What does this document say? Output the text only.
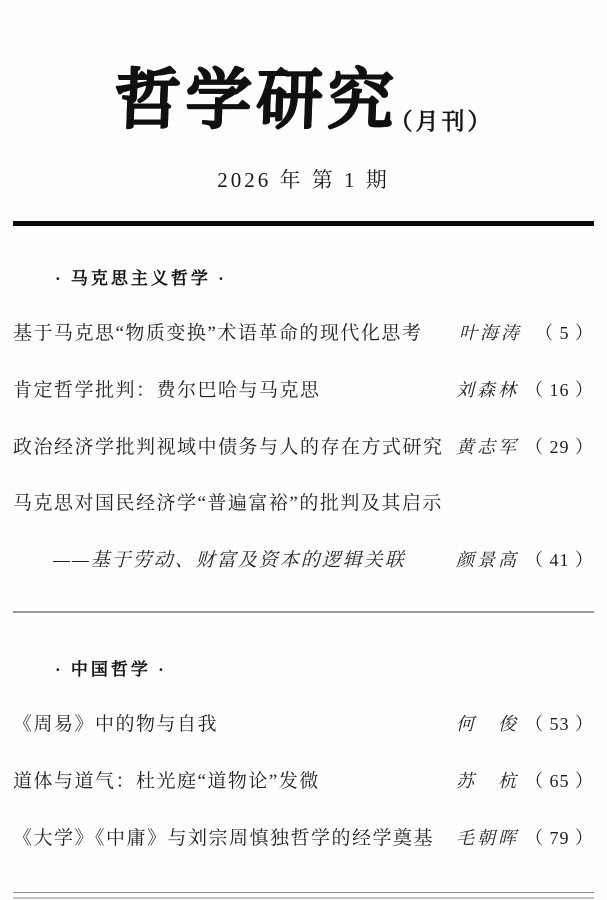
哲学研究
（月刊）
2026 年 第 1 期
· 马克思主义哲学 ·
基于马克思“物质变换”术语革命的现代化思考 叶海涛 （ 5 ）
肯定哲学批判：费尔巴哈与马克思	刘森林 （ 16 ）
政治经济学批判视域中债务与人的存在方式研究 黄志军 （ 29 ）
马克思对国民经济学“普遍富裕”的批判及其启示
——基于劳动、财富及资本的逻辑关联	颜景高 （ 41 ）
· 中国哲学 ·
《周易》中的物与自我	何　俊 （ 53 ）
道体与道气：杜光庭“道物论”发微	苏　杭 （ 65 ）
《大学》《中庸》与刘宗周慎独哲学的经学奠基 毛朝晖 （ 79 ）
